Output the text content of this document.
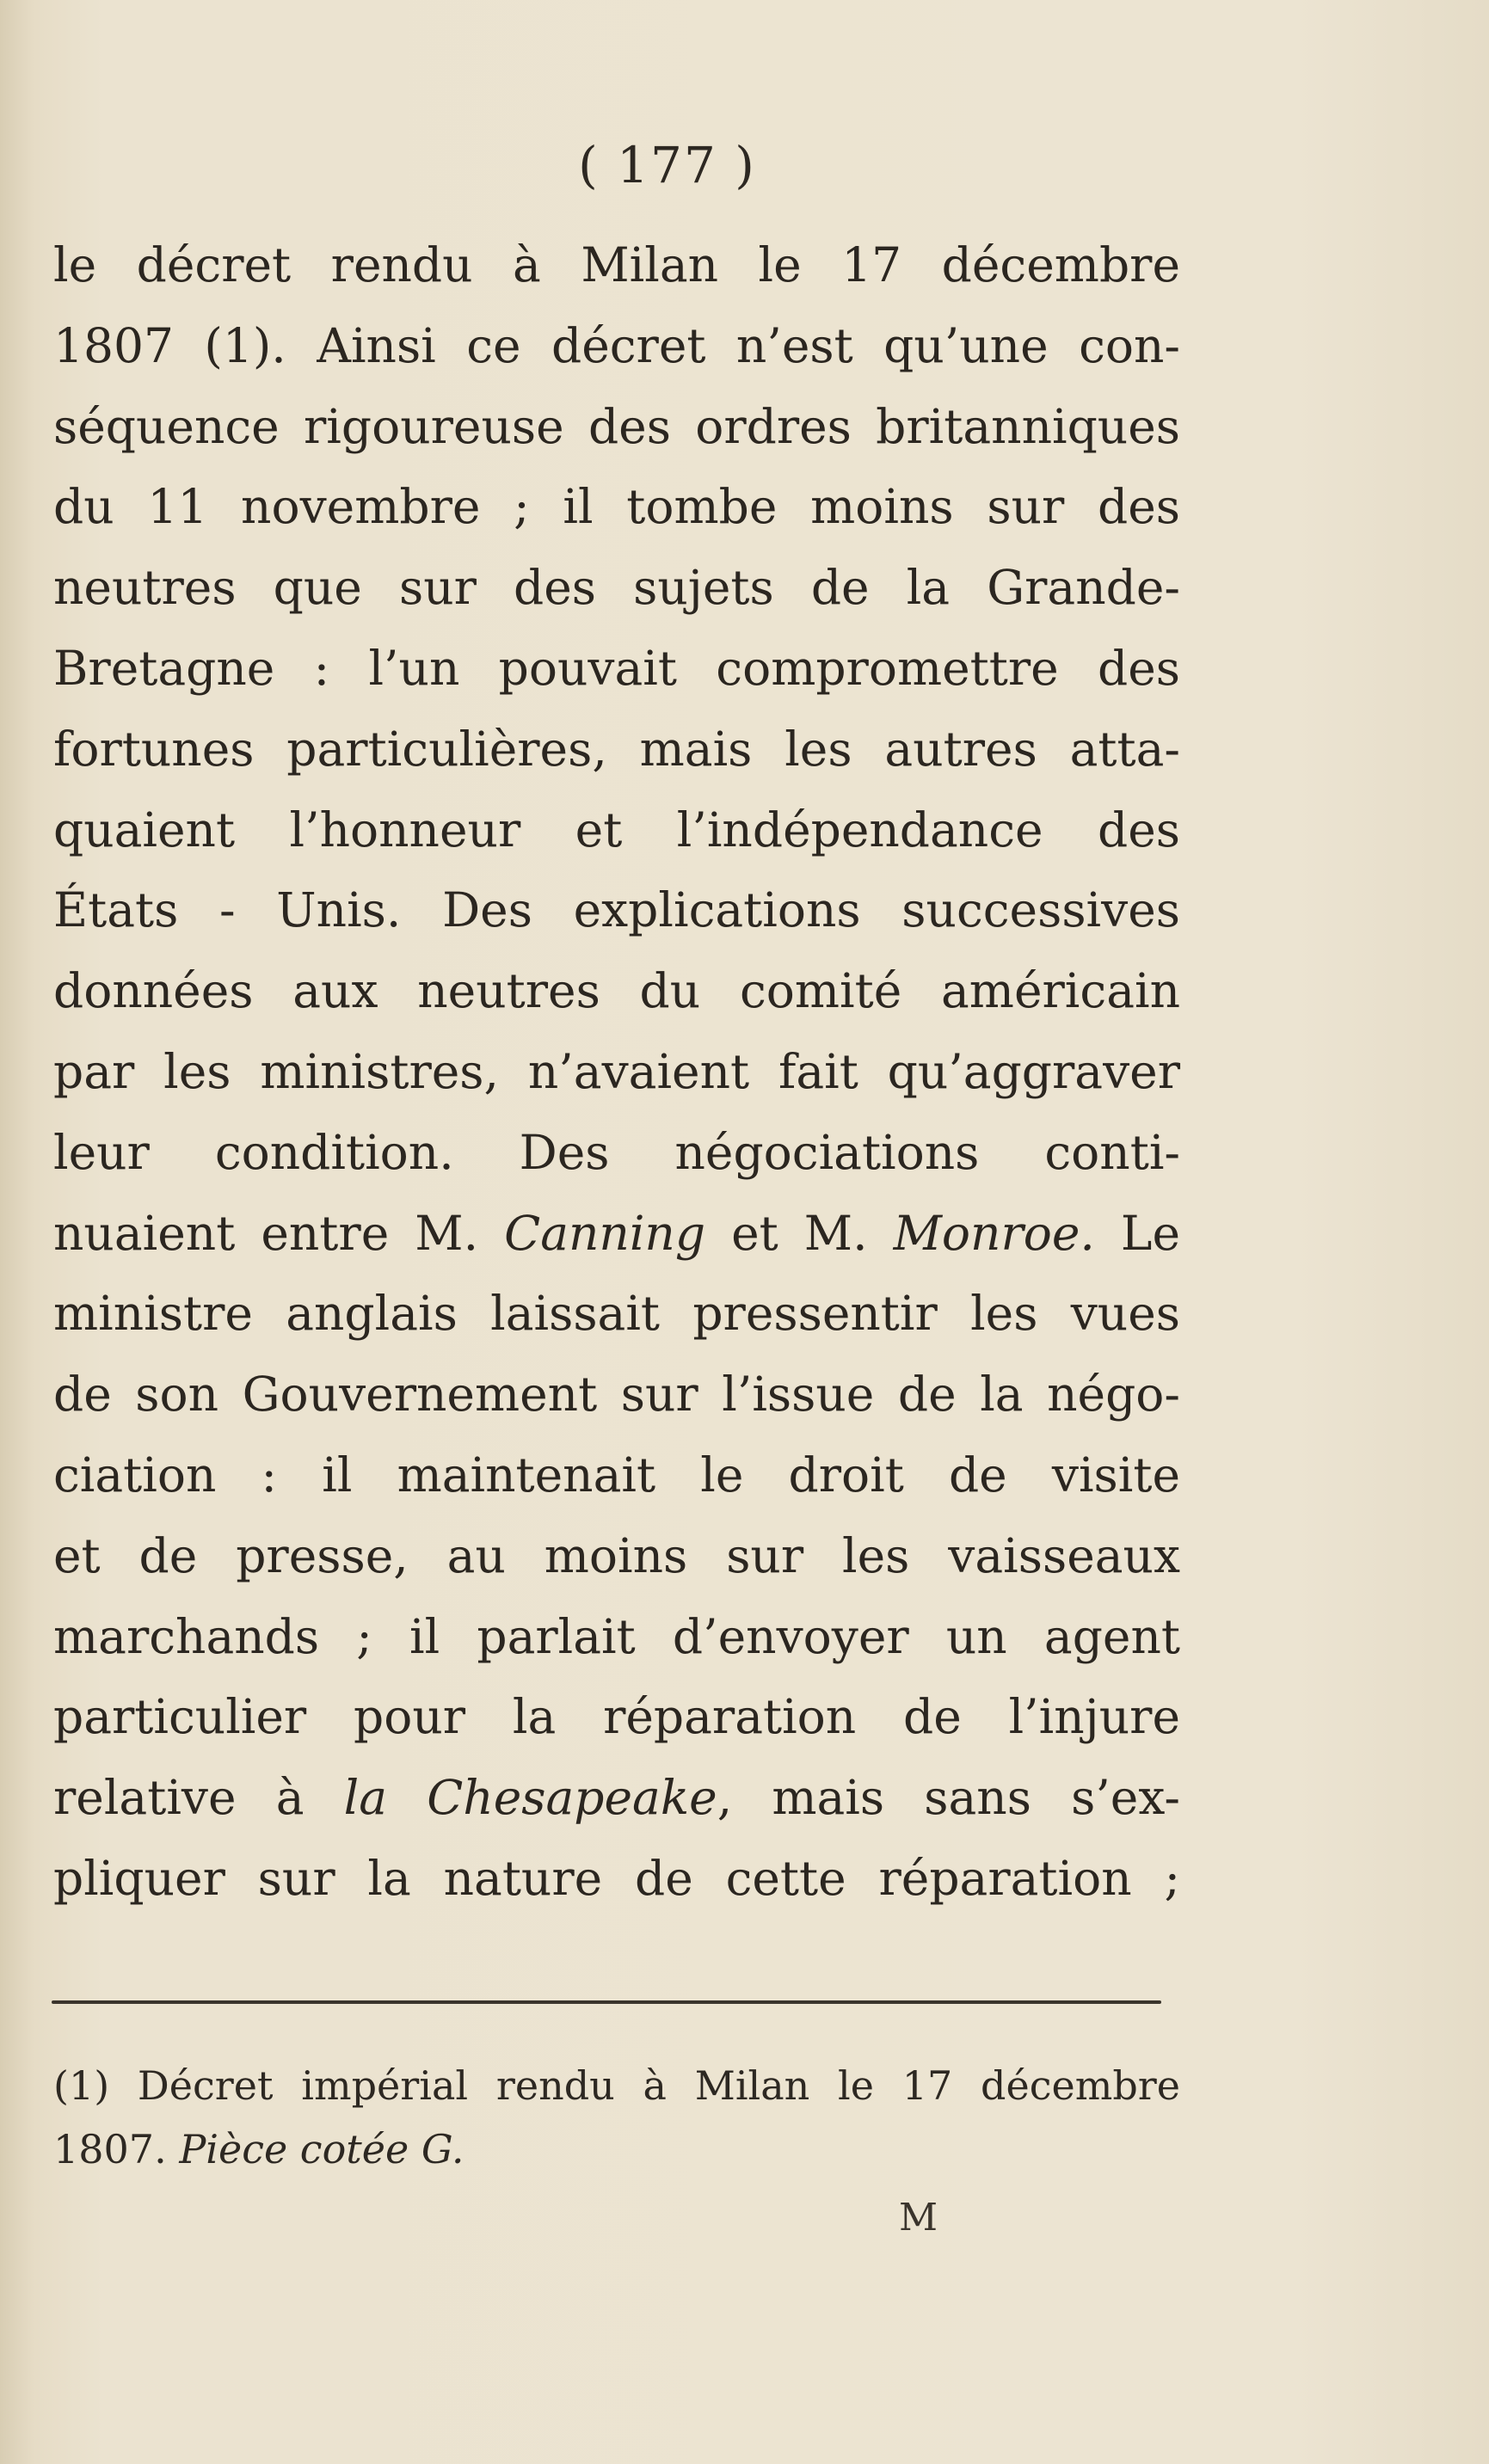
( 177 )
le décret rendu à Milan le 17 décembre
1807 (1). Ainsi ce décret n’est qu’une con-
séquence rigoureuse des ordres britanniques
du 11 novembre ; il tombe moins sur des
neutres que sur des sujets de la Grande-
Bretagne : l’un pouvait compromettre des
fortunes particulières, mais les autres atta-
quaient l’honneur et l’indépendance des
États - Unis. Des explications successives
données aux neutres du comité américain
par les ministres, n’avaient fait qu’aggraver
leur condition. Des négociations conti-
nuaient entre M. Canning et M. Monroe. Le
ministre anglais laissait pressentir les vues
de son Gouvernement sur l’issue de la négo-
ciation : il maintenait le droit de visite
et de presse, au moins sur les vaisseaux
marchands ; il parlait d’envoyer un agent
particulier pour la réparation de l’injure
relative à la Chesapeake, mais sans s’ex-
pliquer sur la nature de cette réparation ;
(1) Décret impérial rendu à Milan le 17 décembre
1807. Pièce cotée G.
M
